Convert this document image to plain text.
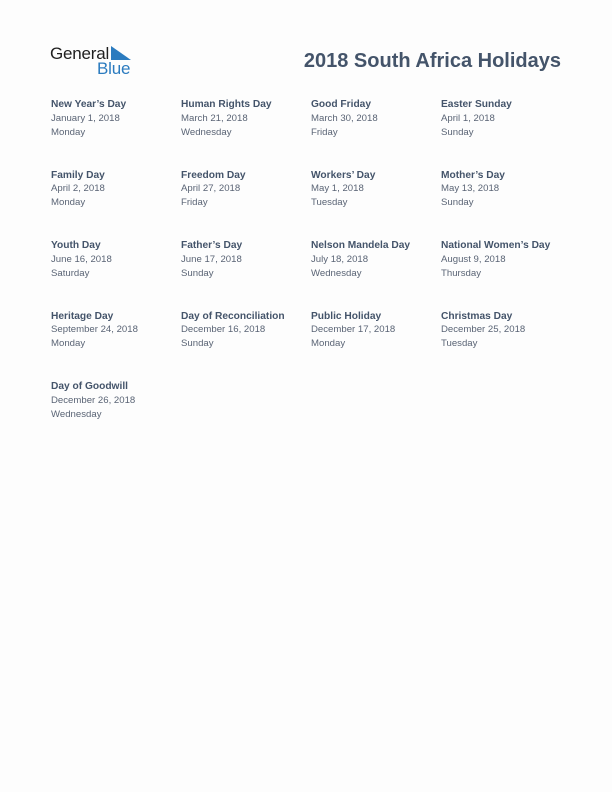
General
Blue	2018 South Africa Holidays
New Year’s Day
January 1, 2018
Monday
Human Rights Day
March 21, 2018
Wednesday
Good Friday
March 30, 2018
Friday
Easter Sunday
April 1, 2018
Sunday
Family Day
April 2, 2018
Monday
Freedom Day
April 27, 2018
Friday
Workers’ Day
May 1, 2018
Tuesday
Mother’s Day
May 13, 2018
Sunday
Youth Day
June 16, 2018
Saturday
Father’s Day
June 17, 2018
Sunday
Nelson Mandela Day
July 18, 2018
Wednesday
National Women’s Day
August 9, 2018
Thursday
Heritage Day
September 24, 2018
Monday
Day of Reconciliation
December 16, 2018
Sunday
Public Holiday
December 17, 2018
Monday
Christmas Day
December 25, 2018
Tuesday
Day of Goodwill
December 26, 2018
Wednesday
